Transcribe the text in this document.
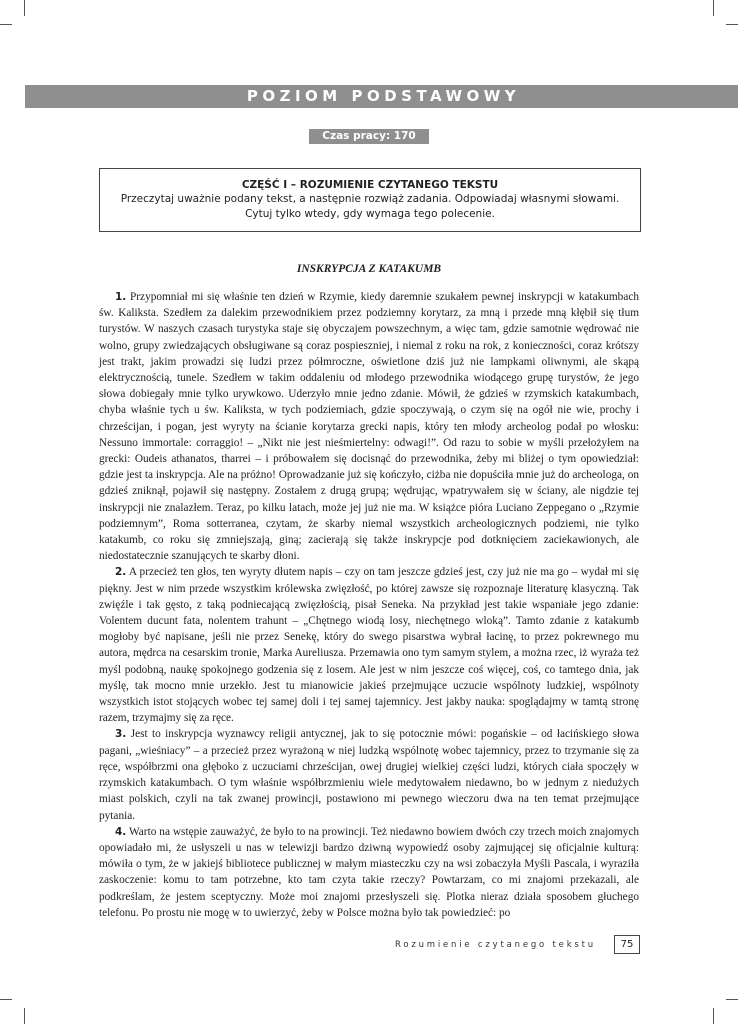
POZIOM PODSTAWOWY
Czas pracy: 170 minut
CZĘŚĆ I – ROZUMIENIE CZYTANEGO TEKSTU
Przeczytaj uważnie podany tekst, a następnie rozwiąż zadania. Odpowiadaj własnymi słowami.
Cytuj tylko wtedy, gdy wymaga tego polecenie.
INSKRYPCJA Z KATAKUMB

1. Przypomniał mi się właśnie ten dzień w Rzymie, kiedy daremnie szukałem pewnej inskrypcji w katakumbach św. Kaliksta. Szedłem za dalekim przewodnikiem przez podziemny korytarz, za mną i przede mną kłębił się tłum turystów. W naszych czasach turystyka staje się obyczajem powszechnym, a więc tam, gdzie samotnie wędrować nie wolno, grupy zwiedzających obsługiwane są coraz pospieszniej, i niemal z roku na rok, z konieczności, coraz krótszy jest trakt, jakim prowadzi się ludzi przez półmroczne, oświetlone dziś już nie lampkami oliwnymi, ale skąpą elektrycznością, tunele. Szedłem w takim oddaleniu od młodego przewodnika wiodącego grupę turystów, że jego słowa dobiegały mnie tylko urywkowo. Uderzyło mnie jedno zdanie. Mówił, że gdzieś w rzymskich katakumbach, chyba właśnie tych u św. Kaliksta, w tych podziemiach, gdzie spoczywają, o czym się na ogół nie wie, prochy i chrześcijan, i pogan, jest wyryty na ścianie korytarza grecki napis, który ten młody archeolog podał po włosku: Nessuno immortale: corraggio! – „Nikt nie jest nieśmiertelny: odwagi!”. Od razu to sobie w myśli przełożyłem na grecki: Oudeis athanatos, tharrei – i próbowałem się docisnąć do przewodnika, żeby mi bliżej o tym opowiedział: gdzie jest ta inskrypcja. Ale na próżno! Oprowadzanie już się kończyło, ciżba nie dopuściła mnie już do archeologa, on gdzieś zniknął, pojawił się następny. Zostałem z drugą grupą; wędrując, wpatrywałem się w ściany, ale nigdzie tej inskrypcji nie znalazłem. Teraz, po kilku latach, może jej już nie ma. W książce pióra Luciano Zeppegano o „Rzymie podziemnym”, Roma sotterranea, czytam, że skarby niemal wszystkich archeologicznych podziemi, nie tylko katakumb, co roku się zmniejszają, giną; zacierają się także inskrypcje pod dotknięciem zaciekawionych, ale niedostatecznie szanujących te skarby dłoni.

2. A przecież ten głos, ten wyryty dłutem napis – czy on tam jeszcze gdzieś jest, czy już nie ma go – wydał mi się piękny. Jest w nim przede wszystkim królewska zwięzłość, po której zawsze się rozpoznaje literaturę klasyczną. Tak zwięźle i tak gęsto, z taką podniecającą zwięzłością, pisał Seneka. Na przykład jest takie wspaniałe jego zdanie: Volentem ducunt fata, nolentem trahunt – „Chętnego wiodą losy, niechętnego wloką”. Tamto zdanie z katakumb mogłoby być napisane, jeśli nie przez Senekę, który do swego pisarstwa wybrał łacinę, to przez pokrewnego mu autora, mędrca na cesarskim tronie, Marka Aureliusza. Przemawia ono tym samym stylem, a można rzec, iż wyraża też myśl podobną, naukę spokojnego godzenia się z losem. Ale jest w nim jeszcze coś więcej, coś, co tamtego dnia, jak myślę, tak mocno mnie urzekło. Jest tu mianowicie jakieś przejmujące uczucie wspólnoty ludzkiej, wspólnoty wszystkich istot stojących wobec tej samej doli i tej samej tajemnicy. Jest jakby nauka: spoglądajmy w tamtą stronę razem, trzymajmy się za ręce.

3. Jest to inskrypcja wyznawcy religii antycznej, jak to się potocznie mówi: pogańskie – od łacińskiego słowa pagani, „wieśniacy” – a przecież przez wyrażoną w niej ludzką wspólnotę wobec tajemnicy, przez to trzymanie się za ręce, współbrzmi ona głęboko z uczuciami chrześcijan, owej drugiej wielkiej części ludzi, których ciała spoczęły w rzymskich katakumbach. O tym właśnie współbrzmieniu wiele medytowałem niedawno, bo w jednym z niedużych miast polskich, czyli na tak zwanej prowincji, postawiono mi pewnego wieczoru dwa na ten temat przejmujące pytania.

4. Warto na wstępie zauważyć, że było to na prowincji. Też niedawno bowiem dwóch czy trzech moich znajomych opowiadało mi, że usłyszeli u nas w telewizji bardzo dziwną wypowiedź osoby zajmującej się oficjalnie kulturą: mówiła o tym, że w jakiejś bibliotece publicznej w małym miasteczku czy na wsi zobaczyła Myśli Pascala, i wyraziła zaskoczenie: komu to tam potrzebne, kto tam czyta takie rzeczy? Powtarzam, co mi znajomi przekazali, ale podkreślam, że jestem sceptyczny. Może moi znajomi przesłyszeli się. Plotka nieraz działa sposobem głuchego telefonu. Po prostu nie mogę w to uwierzyć, żeby w Polsce można było tak powiedzieć: po

Rozumienie czytanego tekstu	75
